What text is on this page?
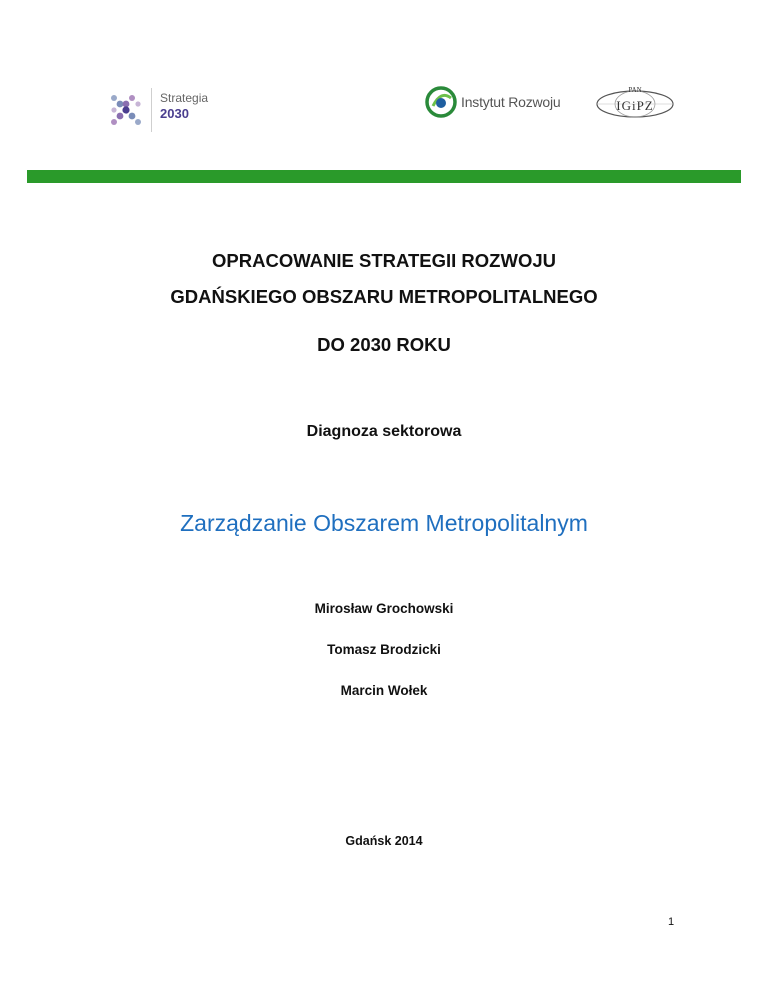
Strategia
2030
Instytut Rozwoju
PAN
IGiPZ
OPRACOWANIE STRATEGII ROZWOJU
GDAŃSKIEGO OBSZARU METROPOLITALNEGO
DO 2030 ROKU
Diagnoza sektorowa
Zarządzanie Obszarem Metropolitalnym
Mirosław Grochowski
Tomasz Brodzicki
Marcin Wołek
Gdańsk 2014
1
